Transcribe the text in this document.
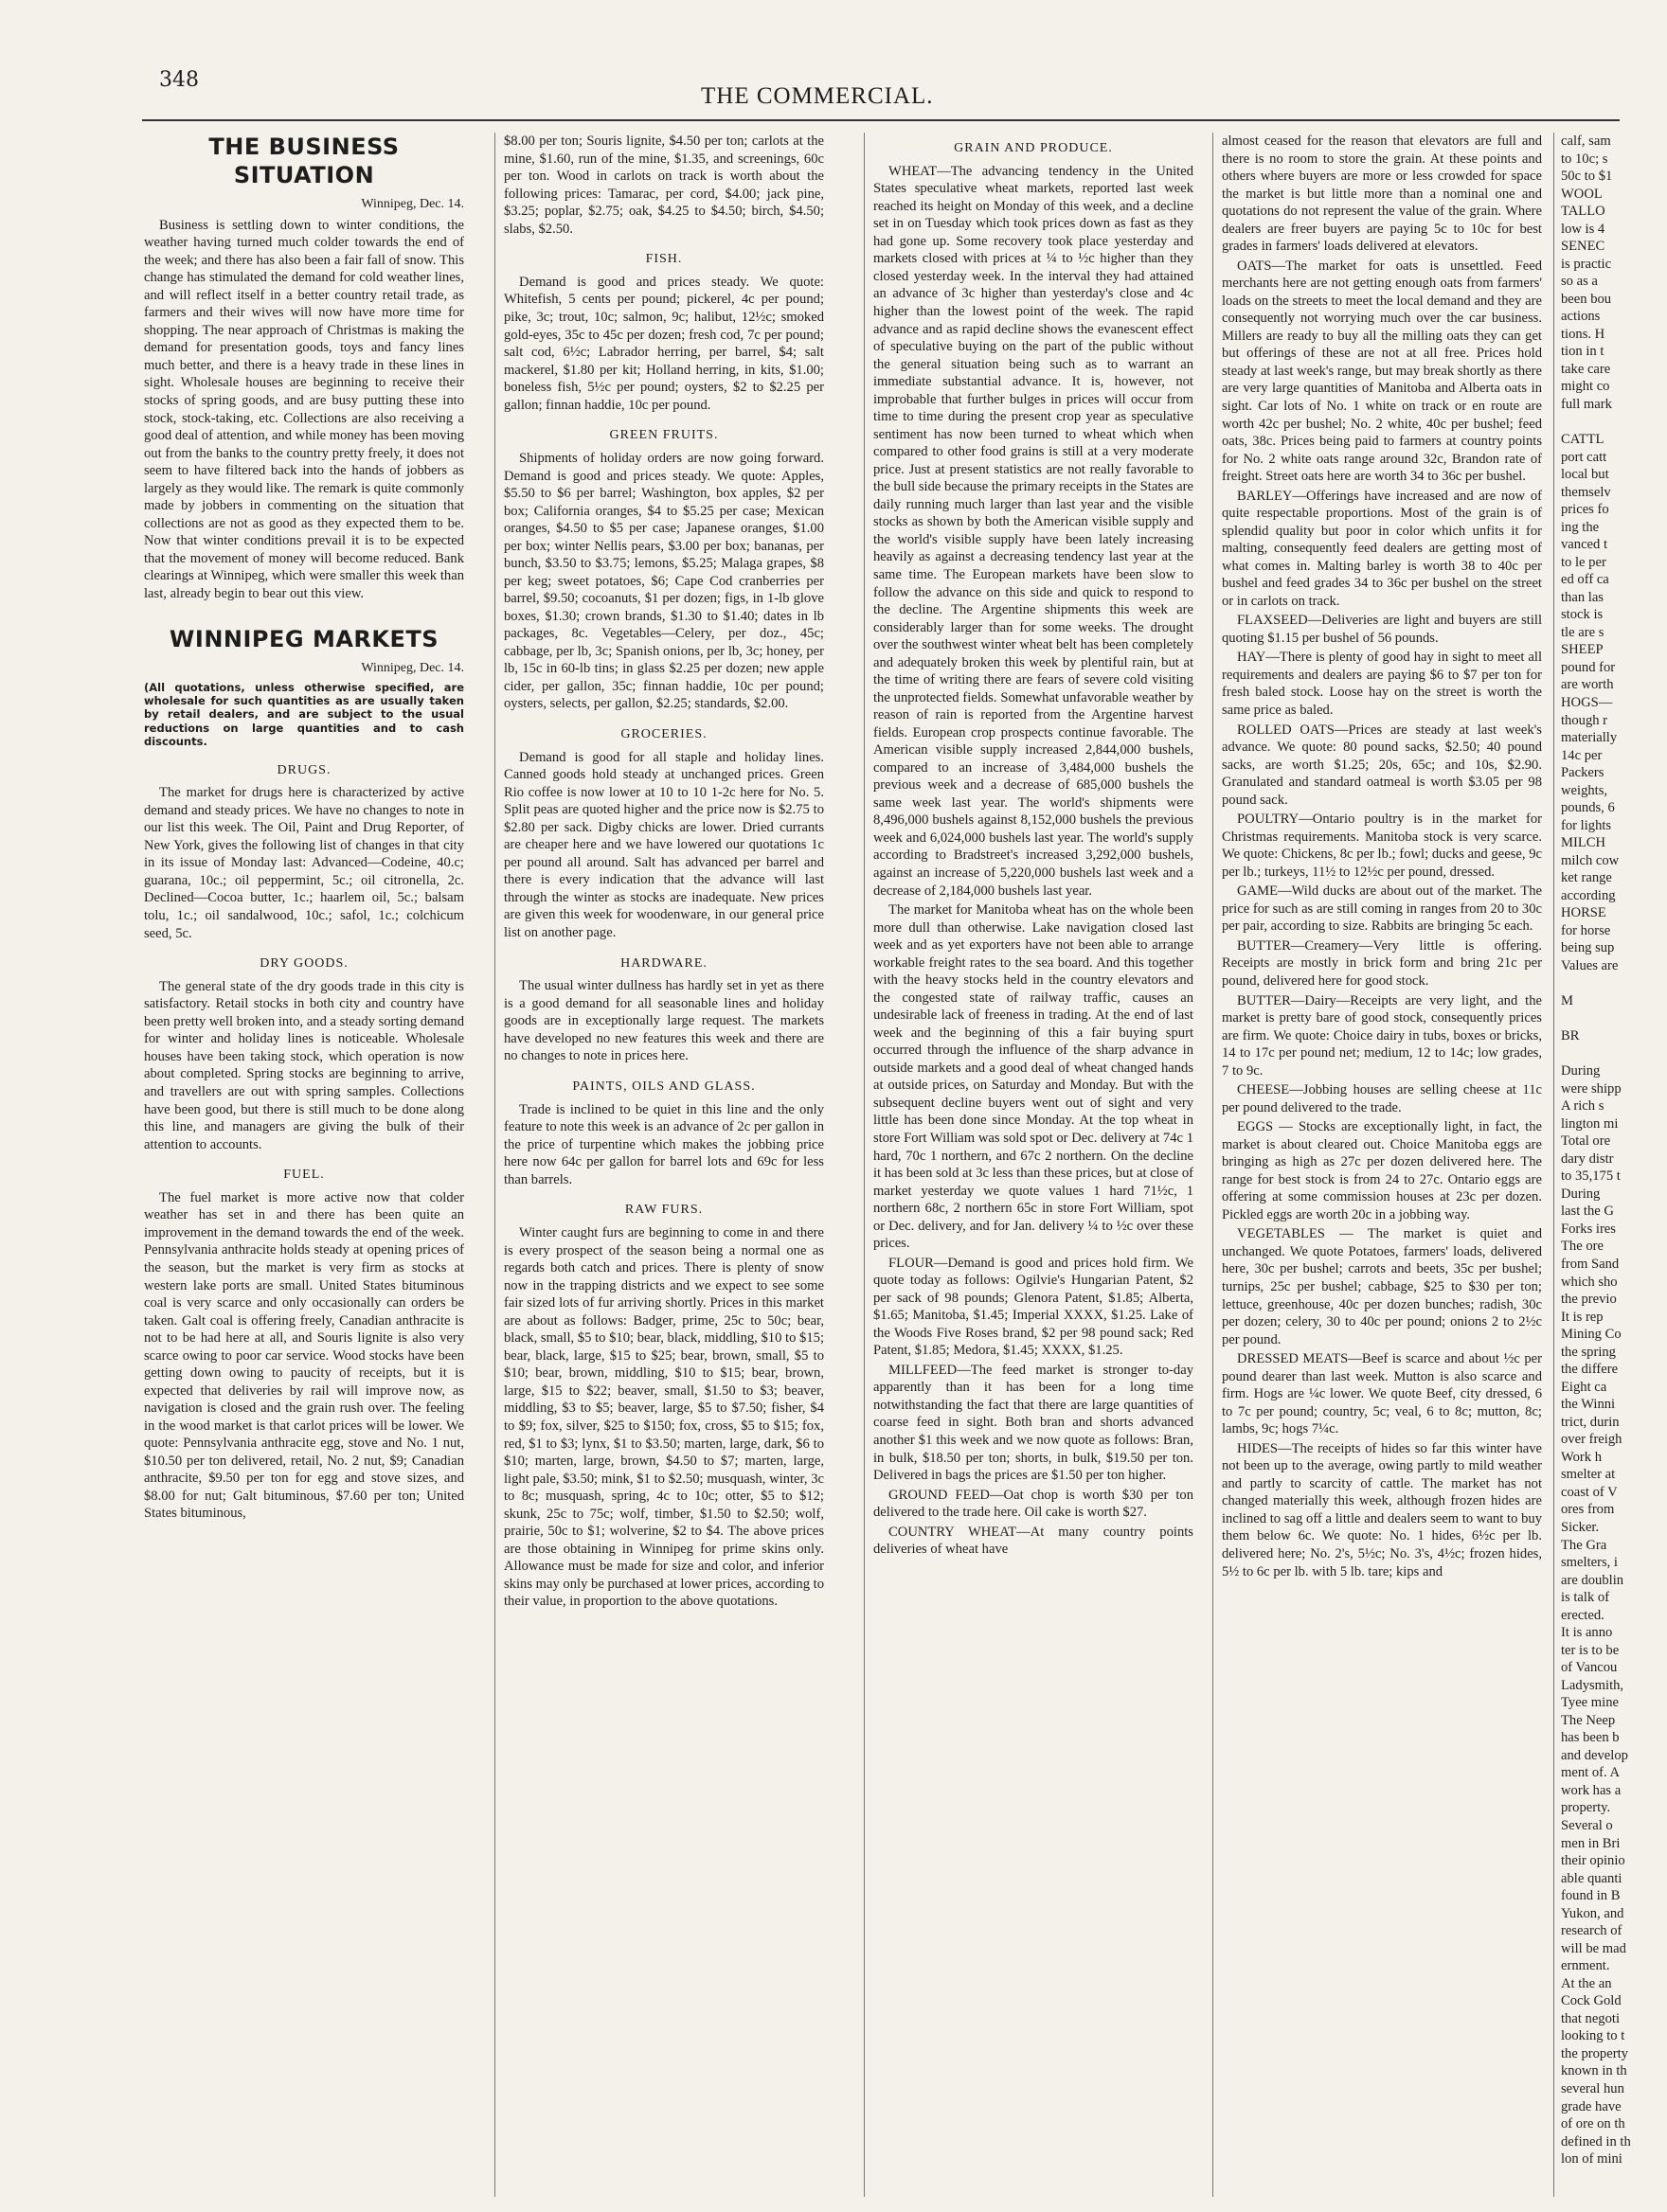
348
THE COMMERCIAL.
THE BUSINESS SITUATION
Winnipeg, Dec. 14.

Business is settling down to winter conditions, the weather having turned much colder towards the end of the week; and there has also been a fair fall of snow. This change has stimulated the demand for cold weather lines, and will reflect itself in a better country retail trade, as farmers and their wives will now have more time for shopping. The near approach of Christmas is making the demand for presentation goods, toys and fancy lines much better, and there is a heavy trade in these lines in sight. Wholesale houses are beginning to receive their stocks of spring goods, and are busy putting these into stock, stock-taking, etc. Collections are also receiving a good deal of attention, and while money has been moving out from the banks to the country pretty freely, it does not seem to have filtered back into the hands of jobbers as largely as they would like. The remark is quite commonly made by jobbers in commenting on the situation that collections are not as good as they expected them to be. Now that winter conditions prevail it is to be expected that the movement of money will become reduced. Bank clearings at Winnipeg, which were smaller this week than last, already begin to bear out this view.

WINNIPEG MARKETS
Winnipeg, Dec. 14.
(All quotations, unless otherwise specified, are wholesale for such quantities as are usually taken by retail dealers, and are subject to the usual reductions on large quantities and to cash discounts.
DRUGS.

The market for drugs here is characterized by active demand and steady prices. We have no changes to note in our list this week. The Oil, Paint and Drug Reporter, of New York, gives the following list of changes in that city in its issue of Monday last: Advanced—Codeine, 40.c; guarana, 10c.; oil peppermint, 5c.; oil citronella, 2c. Declined—Cocoa butter, 1c.; haarlem oil, 5c.; balsam tolu, 1c.; oil sandalwood, 10c.; safol, 1c.; colchicum seed, 5c.

DRY GOODS.

The general state of the dry goods trade in this city is satisfactory. Retail stocks in both city and country have been pretty well broken into, and a steady sorting demand for winter and holiday lines is noticeable. Wholesale houses have been taking stock, which operation is now about completed. Spring stocks are beginning to arrive, and travellers are out with spring samples. Collections have been good, but there is still much to be done along this line, and managers are giving the bulk of their attention to accounts.

FUEL.

The fuel market is more active now that colder weather has set in and there has been quite an improvement in the demand towards the end of the week. Pennsylvania anthracite holds steady at opening prices of the season, but the market is very firm as stocks at western lake ports are small. United States bituminous coal is very scarce and only occasionally can orders be taken. Galt coal is offering freely, Canadian anthracite is not to be had here at all, and Souris lignite is also very scarce owing to poor car service. Wood stocks have been getting down owing to paucity of receipts, but it is expected that deliveries by rail will improve now, as navigation is closed and the grain rush over. The feeling in the wood market is that carlot prices will be lower. We quote: Pennsylvania anthracite egg, stove and No. 1 nut, $10.50 per ton delivered, retail, No. 2 nut, $9; Canadian anthracite, $9.50 per ton for egg and stove sizes, and $8.00 for nut; Galt bituminous, $7.60 per ton; United States bituminous,

$8.00 per ton; Souris lignite, $4.50 per ton; carlots at the mine, $1.60, run of the mine, $1.35, and screenings, 60c per ton. Wood in carlots on track is worth about the following prices: Tamarac, per cord, $4.00; jack pine, $3.25; poplar, $2.75; oak, $4.25 to $4.50; birch, $4.50; slabs, $2.50.

FISH.

Demand is good and prices steady. We quote: Whitefish, 5 cents per pound; pickerel, 4c per pound; pike, 3c; trout, 10c; salmon, 9c; halibut, 12½c; smoked gold-eyes, 35c to 45c per dozen; fresh cod, 7c per pound; salt cod, 6½c; Labrador herring, per barrel, $4; salt mackerel, $1.80 per kit; Holland herring, in kits, $1.00; boneless fish, 5½c per pound; oysters, $2 to $2.25 per gallon; finnan haddie, 10c per pound.

GREEN FRUITS.

Shipments of holiday orders are now going forward. Demand is good and prices steady. We quote: Apples, $5.50 to $6 per barrel; Washington, box apples, $2 per box; California oranges, $4 to $5.25 per case; Mexican oranges, $4.50 to $5 per case; Japanese oranges, $1.00 per box; winter Nellis pears, $3.00 per box; bananas, per bunch, $3.50 to $3.75; lemons, $5.25; Malaga grapes, $8 per keg; sweet potatoes, $6; Cape Cod cranberries per barrel, $9.50; cocoanuts, $1 per dozen; figs, in 1-lb glove boxes, $1.30; crown brands, $1.30 to $1.40; dates in lb packages, 8c. Vegetables—Celery, per doz., 45c; cabbage, per lb, 3c; Spanish onions, per lb, 3c; honey, per lb, 15c in 60-lb tins; in glass $2.25 per dozen; new apple cider, per gallon, 35c; finnan haddie, 10c per pound; oysters, selects, per gallon, $2.25; standards, $2.00.

GROCERIES.

Demand is good for all staple and holiday lines. Canned goods hold steady at unchanged prices. Green Rio coffee is now lower at 10 to 10 1-2c here for No. 5. Split peas are quoted higher and the price now is $2.75 to $2.80 per sack. Digby chicks are lower. Dried currants are cheaper here and we have lowered our quotations 1c per pound all around. Salt has advanced per barrel and there is every indication that the advance will last through the winter as stocks are inadequate. New prices are given this week for woodenware, in our general price list on another page.

HARDWARE.

The usual winter dullness has hardly set in yet as there is a good demand for all seasonable lines and holiday goods are in exceptionally large request. The markets have developed no new features this week and there are no changes to note in prices here.

PAINTS, OILS AND GLASS.

Trade is inclined to be quiet in this line and the only feature to note this week is an advance of 2c per gallon in the price of turpentine which makes the jobbing price here now 64c per gallon for barrel lots and 69c for less than barrels.

RAW FURS.

Winter caught furs are beginning to come in and there is every prospect of the season being a normal one as regards both catch and prices. There is plenty of snow now in the trapping districts and we expect to see some fair sized lots of fur arriving shortly. Prices in this market are about as follows: Badger, prime, 25c to 50c; bear, black, small, $5 to $10; bear, black, middling, $10 to $15; bear, black, large, $15 to $25; bear, brown, small, $5 to $10; bear, brown, middling, $10 to $15; bear, brown, large, $15 to $22; beaver, small, $1.50 to $3; beaver, middling, $3 to $5; beaver, large, $5 to $7.50; fisher, $4 to $9; fox, silver, $25 to $150; fox, cross, $5 to $15; fox, red, $1 to $3; lynx, $1 to $3.50; marten, large, dark, $6 to $10; marten, large, brown, $4.50 to $7; marten, large, light pale, $3.50; mink, $1 to $2.50; musquash, winter, 3c to 8c; musquash, spring, 4c to 10c; otter, $5 to $12; skunk, 25c to 75c; wolf, timber, $1.50 to $2.50; wolf, prairie, 50c to $1; wolverine, $2 to $4. The above prices are those obtaining in Winnipeg for prime skins only. Allowance must be made for size and color, and inferior skins may only be purchased at lower prices, according to their value, in proportion to the above quotations.

GRAIN AND PRODUCE.

WHEAT—The advancing tendency in the United States speculative wheat markets, reported last week reached its height on Monday of this week, and a decline set in on Tuesday which took prices down as fast as they had gone up. Some recovery took place yesterday and markets closed with prices at ¼ to ½c higher than they closed yesterday week. In the interval they had attained an advance of 3c higher than yesterday's close and 4c higher than the lowest point of the week. The rapid advance and as rapid decline shows the evanescent effect of speculative buying on the part of the public without the general situation being such as to warrant an immediate substantial advance. It is, however, not improbable that further bulges in prices will occur from time to time during the present crop year as speculative sentiment has now been turned to wheat which when compared to other food grains is still at a very moderate price. Just at present statistics are not really favorable to the bull side because the primary receipts in the States are daily running much larger than last year and the visible stocks as shown by both the American visible supply and the world's visible supply have been lately increasing heavily as against a decreasing tendency last year at the same time. The European markets have been slow to follow the advance on this side and quick to respond to the decline. The Argentine shipments this week are considerably larger than for some weeks. The drought over the southwest winter wheat belt has been completely and adequately broken this week by plentiful rain, but at the time of writing there are fears of severe cold visiting the unprotected fields. Somewhat unfavorable weather by reason of rain is reported from the Argentine harvest fields. European crop prospects continue favorable. The American visible supply increased 2,844,000 bushels, compared to an increase of 3,484,000 bushels the previous week and a decrease of 685,000 bushels the same week last year. The world's shipments were 8,496,000 bushels against 8,152,000 bushels the previous week and 6,024,000 bushels last year. The world's supply according to Bradstreet's increased 3,292,000 bushels, against an increase of 5,220,000 bushels last week and a decrease of 2,184,000 bushels last year.

The market for Manitoba wheat has on the whole been more dull than otherwise. Lake navigation closed last week and as yet exporters have not been able to arrange workable freight rates to the sea board. And this together with the heavy stocks held in the country elevators and the congested state of railway traffic, causes an undesirable lack of freeness in trading. At the end of last week and the beginning of this a fair buying spurt occurred through the influence of the sharp advance in outside markets and a good deal of wheat changed hands at outside prices, on Saturday and Monday. But with the subsequent decline buyers went out of sight and very little has been done since Monday. At the top wheat in store Fort William was sold spot or Dec. delivery at 74c 1 hard, 70c 1 northern, and 67c 2 northern. On the decline it has been sold at 3c less than these prices, but at close of market yesterday we quote values 1 hard 71½c, 1 northern 68c, 2 northern 65c in store Fort William, spot or Dec. delivery, and for Jan. delivery ¼ to ½c over these prices.

FLOUR—Demand is good and prices hold firm. We quote today as follows: Ogilvie's Hungarian Patent, $2 per sack of 98 pounds; Glenora Patent, $1.85; Alberta, $1.65; Manitoba, $1.45; Imperial XXXX, $1.25. Lake of the Woods Five Roses brand, $2 per 98 pound sack; Red Patent, $1.85; Medora, $1.45; XXXX, $1.25.

MILLFEED—The feed market is stronger to-day apparently than it has been for a long time notwithstanding the fact that there are large quantities of coarse feed in sight. Both bran and shorts advanced another $1 this week and we now quote as follows: Bran, in bulk, $18.50 per ton; shorts, in bulk, $19.50 per ton. Delivered in bags the prices are $1.50 per ton higher.

GROUND FEED—Oat chop is worth $30 per ton delivered to the trade here. Oil cake is worth $27.

COUNTRY WHEAT—At many country points deliveries of wheat have

almost ceased for the reason that elevators are full and there is no room to store the grain. At these points and others where buyers are more or less crowded for space the market is but little more than a nominal one and quotations do not represent the value of the grain. Where dealers are freer buyers are paying 5c to 10c for best grades in farmers' loads delivered at elevators.

OATS—The market for oats is unsettled. Feed merchants here are not getting enough oats from farmers' loads on the streets to meet the local demand and they are consequently not worrying much over the car business. Millers are ready to buy all the milling oats they can get but offerings of these are not at all free. Prices hold steady at last week's range, but may break shortly as there are very large quantities of Manitoba and Alberta oats in sight. Car lots of No. 1 white on track or en route are worth 42c per bushel; No. 2 white, 40c per bushel; feed oats, 38c. Prices being paid to farmers at country points for No. 2 white oats range around 32c, Brandon rate of freight. Street oats here are worth 34 to 36c per bushel.

BARLEY—Offerings have increased and are now of quite respectable proportions. Most of the grain is of splendid quality but poor in color which unfits it for malting, consequently feed dealers are getting most of what comes in. Malting barley is worth 38 to 40c per bushel and feed grades 34 to 36c per bushel on the street or in carlots on track.

FLAXSEED—Deliveries are light and buyers are still quoting $1.15 per bushel of 56 pounds.

HAY—There is plenty of good hay in sight to meet all requirements and dealers are paying $6 to $7 per ton for fresh baled stock. Loose hay on the street is worth the same price as baled.

ROLLED OATS—Prices are steady at last week's advance. We quote: 80 pound sacks, $2.50; 40 pound sacks, are worth $1.25; 20s, 65c; and 10s, $2.90. Granulated and standard oatmeal is worth $3.05 per 98 pound sack.

POULTRY—Ontario poultry is in the market for Christmas requirements. Manitoba stock is very scarce. We quote: Chickens, 8c per lb.; fowl; ducks and geese, 9c per lb.; turkeys, 11½ to 12½c per pound, dressed.

GAME—Wild ducks are about out of the market. The price for such as are still coming in ranges from 20 to 30c per pair, according to size. Rabbits are bringing 5c each.

BUTTER—Creamery—Very little is offering. Receipts are mostly in brick form and bring 21c per pound, delivered here for good stock.

BUTTER—Dairy—Receipts are very light, and the market is pretty bare of good stock, consequently prices are firm. We quote: Choice dairy in tubs, boxes or bricks, 14 to 17c per pound net; medium, 12 to 14c; low grades, 7 to 9c.

CHEESE—Jobbing houses are selling cheese at 11c per pound delivered to the trade.

EGGS — Stocks are exceptionally light, in fact, the market is about cleared out. Choice Manitoba eggs are bringing as high as 27c per dozen delivered here. The range for best stock is from 24 to 27c. Ontario eggs are offering at some commission houses at 23c per dozen. Pickled eggs are worth 20c in a jobbing way.

VEGETABLES — The market is quiet and unchanged. We quote Potatoes, farmers' loads, delivered here, 30c per bushel; carrots and beets, 35c per bushel; turnips, 25c per bushel; cabbage, $25 to $30 per ton; lettuce, greenhouse, 40c per dozen bunches; radish, 30c per dozen; celery, 30 to 40c per pound; onions 2 to 2½c per pound.

DRESSED MEATS—Beef is scarce and about ½c per pound dearer than last week. Mutton is also scarce and firm. Hogs are ¼c lower. We quote Beef, city dressed, 6 to 7c per pound; country, 5c; veal, 6 to 8c; mutton, 8c; lambs, 9c; hogs 7¼c.

HIDES—The receipts of hides so far this winter have not been up to the average, owing partly to mild weather and partly to scarcity of cattle. The market has not changed materially this week, although frozen hides are inclined to sag off a little and dealers seem to want to buy them below 6c. We quote: No. 1 hides, 6½c per lb. delivered here; No. 2's, 5½c; No. 3's, 4½c; frozen hides, 5½ to 6c per lb. with 5 lb. tare; kips and

calf, sam
to 10c; s
50c to $1
WOOL
TALLO
low is 4
SENEC
is practic
so as a
been bou
actions
tions. H
tion in t
take care
might co
full mark

CATTL
port catt
local but
themselv
prices fo
ing the
vanced t
to le per
ed off ca
than las
stock is
tle are s
SHEEP
pound for
are worth
HOGS—
though r
materially
14c per
Packers
weights,
pounds, 6
for lights
MILCH
milch cow
ket range
according
HORSE
for horse
being sup
Values are

M

BR

During
were shipp
A rich s
lington mi
Total ore
dary distr
to 35,175 t
During
last the G
Forks ires
The ore
from Sand
which sho
the previo
It is rep
Mining Co
the spring
the differe
Eight ca
the Winni
trict, durin
over freigh
Work h
smelter at
coast of V
ores from
Sicker.
The Gra
smelters, i
are doublin
is talk of
erected.
It is anno
ter is to be
of Vancou
Ladysmith,
Tyee mine
The Neep
has been b
and develop
ment of. A
work has a
property.
Several o
men in Bri
their opinio
able quanti
found in B
Yukon, and
research of
will be mad
ernment.
At the an
Cock Gold
that negoti
looking to t
the property
known in th
several hun
grade have
of ore on th
defined in th
lon of mini
